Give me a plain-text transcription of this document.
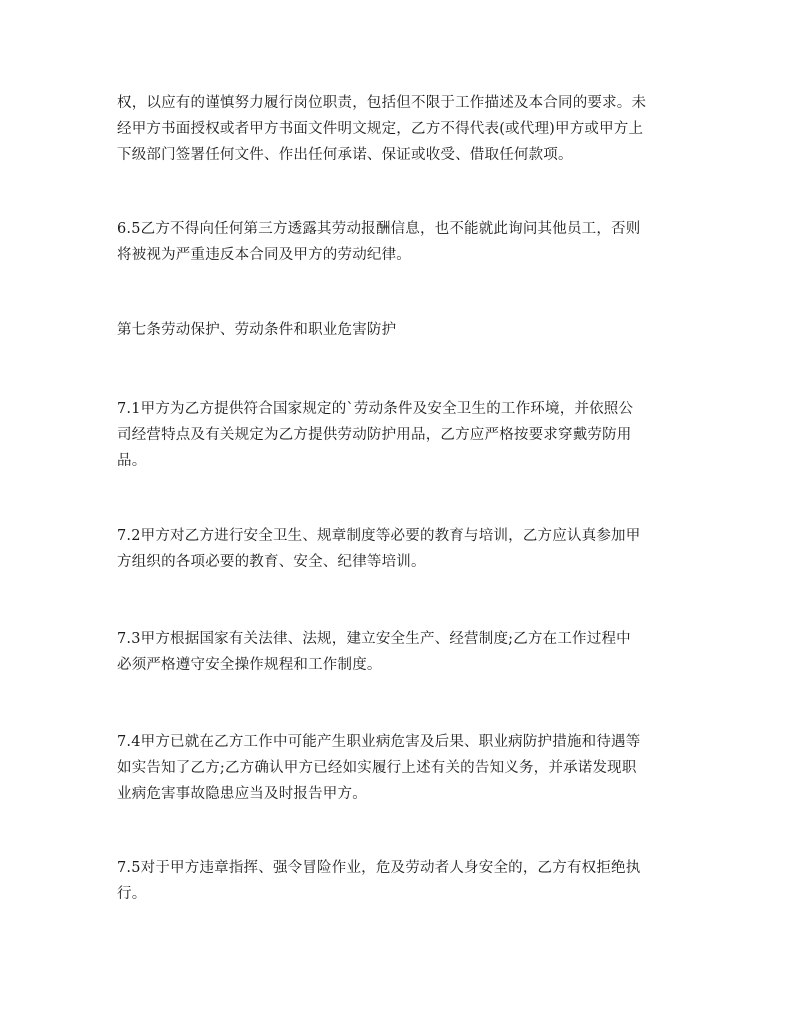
权，以应有的谨慎努力履行岗位职责，包括但不限于工作描述及本合同的要求。未
经甲方书面授权或者甲方书面文件明文规定，乙方不得代表(或代理)甲方或甲方上
下级部门签署任何文件、作出任何承诺、保证或收受、借取任何款项。

6.5乙方不得向任何第三方透露其劳动报酬信息，也不能就此询问其他员工，否则
将被视为严重违反本合同及甲方的劳动纪律。

第七条劳动保护、劳动条件和职业危害防护

7.1甲方为乙方提供符合国家规定的`劳动条件及安全卫生的工作环境，并依照公
司经营特点及有关规定为乙方提供劳动防护用品，乙方应严格按要求穿戴劳防用
品。

7.2甲方对乙方进行安全卫生、规章制度等必要的教育与培训，乙方应认真参加甲
方组织的各项必要的教育、安全、纪律等培训。

7.3甲方根据国家有关法律、法规，建立安全生产、经营制度;乙方在工作过程中
必须严格遵守安全操作规程和工作制度。

7.4甲方已就在乙方工作中可能产生职业病危害及后果、职业病防护措施和待遇等
如实告知了乙方;乙方确认甲方已经如实履行上述有关的告知义务，并承诺发现职
业病危害事故隐患应当及时报告甲方。

7.5对于甲方违章指挥、强令冒险作业，危及劳动者人身安全的，乙方有权拒绝执
行。
